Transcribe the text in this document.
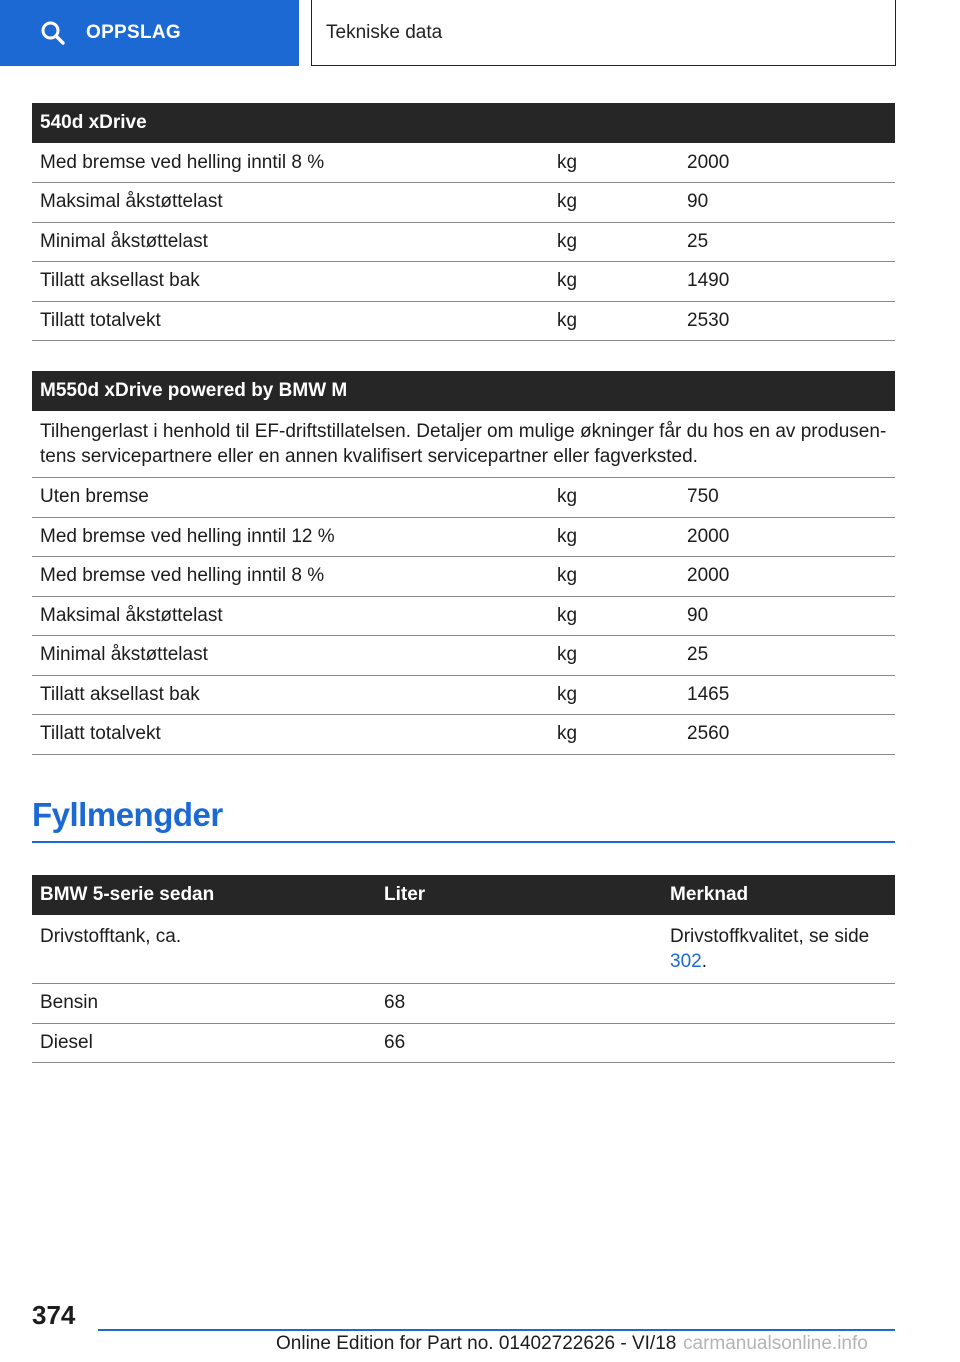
OPPSLAG	Tekniske data
540d xDrive		
Med bremse ved helling inntil 8 %	kg	2000
Maksimal åkstøttelast	kg	90
Minimal åkstøttelast	kg	25
Tillatt aksellast bak	kg	1490
Tillatt totalvekt	kg	2530
M550d xDrive powered by BMW M		
Tilhengerlast i henhold til EF-driftstillatelsen. Detaljer om mulige økninger får du hos en av produsentens servicepartnere eller en annen kvalifisert servicepartner eller fagverksted.		
Uten bremse	kg	750
Med bremse ved helling inntil 12 %	kg	2000
Med bremse ved helling inntil 8 %	kg	2000
Maksimal åkstøttelast	kg	90
Minimal åkstøttelast	kg	25
Tillatt aksellast bak	kg	1465
Tillatt totalvekt	kg	2560
Fyllmengder
BMW 5-serie sedan	Liter	Merknad
Drivstofftank, ca.		Drivstoffkvalitet, se side 302.
Bensin	68	
Diesel	66	
374
Online Edition for Part no. 01402722626 - VI/18 carmanualsonline.info
